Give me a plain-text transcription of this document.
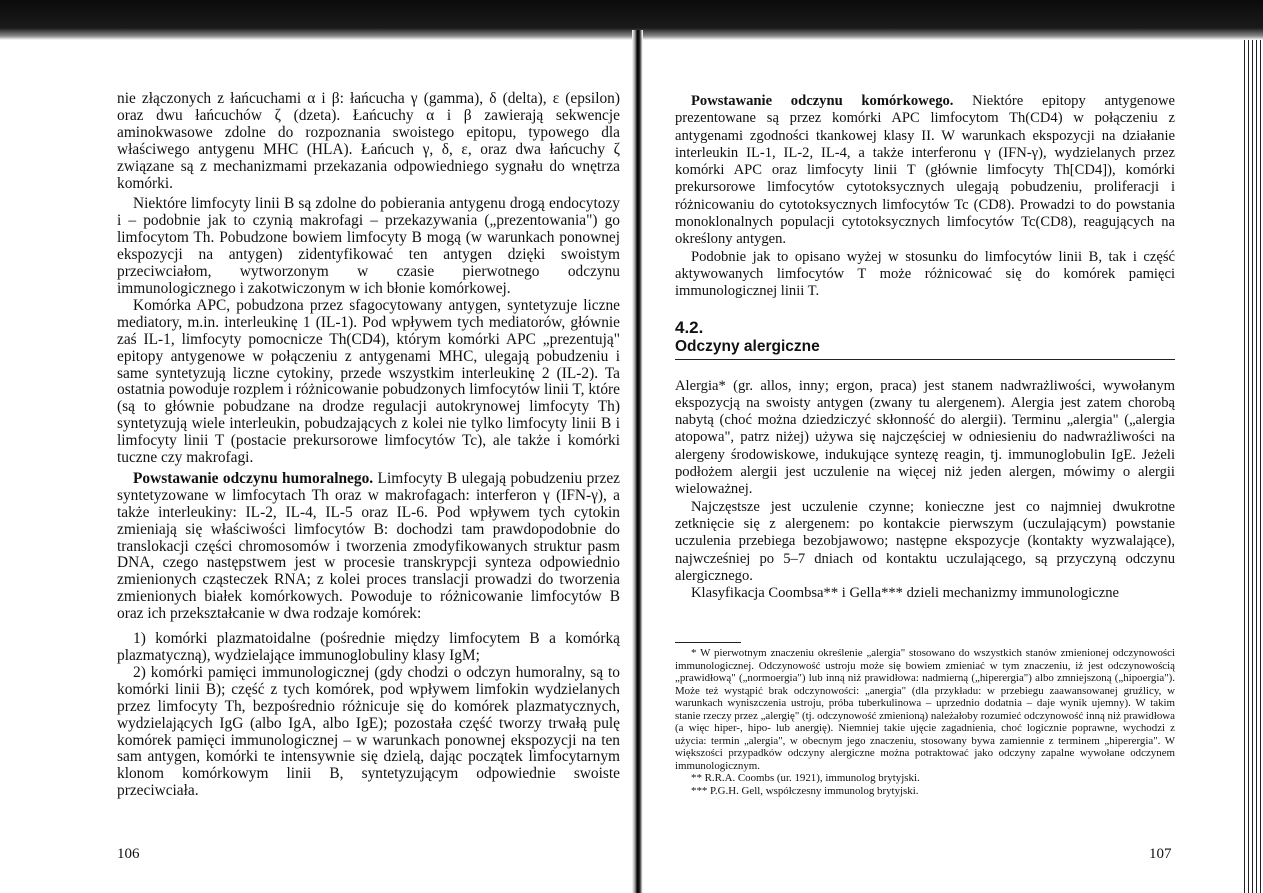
nie złączonych z łańcuchami α i β: łańcucha γ (gamma), δ (delta), ε (epsilon) oraz dwu łańcuchów ζ (dzeta). Łańcuchy α i β zawierają sekwencje aminokwasowe zdolne do rozpoznania swoistego epitopu, typowego dla właściwego antygenu MHC (HLA). Łańcuch γ, δ, ε, oraz dwa łańcuchy ζ związane są z mechanizmami przekazania odpowiedniego sygnału do wnętrza komórki.

Niektóre limfocyty linii B są zdolne do pobierania antygenu drogą endocytozy i – podobnie jak to czynią makrofagi – przekazywania („prezentowania") go limfocytom Th. Pobudzone bowiem limfocyty B mogą (w warunkach ponownej ekspozycji na antygen) zidentyfikować ten antygen dzięki swoistym przeciwciałom, wytworzonym w czasie pierwotnego odczynu immunologicznego i zakotwiczonym w ich błonie komórkowej.

Komórka APC, pobudzona przez sfagocytowany antygen, syntetyzuje liczne mediatory, m.in. interleukinę 1 (IL-1). Pod wpływem tych mediatorów, głównie zaś IL-1, limfocyty pomocnicze Th(CD4), którym komórki APC „prezentują" epitopy antygenowe w połączeniu z antygenami MHC, ulegają pobudzeniu i same syntetyzują liczne cytokiny, przede wszystkim interleukinę 2 (IL-2). Ta ostatnia powoduje rozplem i różnicowanie pobudzonych limfocytów linii T, które (są to głównie pobudzane na drodze regulacji autokrynowej limfocyty Th) syntetyzują wiele interleukin, pobudzających z kolei nie tylko limfocyty linii B i limfocyty linii T (postacie prekursorowe limfocytów Tc), ale także i komórki tuczne czy makrofagi.

Powstawanie odczynu humoralnego. Limfocyty B ulegają pobudzeniu przez syntetyzowane w limfocytach Th oraz w makrofagach: interferon γ (IFN-γ), a także interleukiny: IL-2, IL-4, IL-5 oraz IL-6. Pod wpływem tych cytokin zmieniają się właściwości limfocytów B: dochodzi tam prawdopodobnie do translokacji części chromosomów i tworzenia zmodyfikowanych struktur pasm DNA, czego następstwem jest w procesie transkrypcji synteza odpowiednio zmienionych cząsteczek RNA; z kolei proces translacji prowadzi do tworzenia zmienionych białek komórkowych. Powoduje to różnicowanie limfocytów B oraz ich przekształcanie w dwa rodzaje komórek:

1) komórki plazmatoidalne (pośrednie między limfocytem B a komórką plazmatyczną), wydzielające immunoglobuliny klasy IgM;

2) komórki pamięci immunologicznej (gdy chodzi o odczyn humoralny, są to komórki linii B); część z tych komórek, pod wpływem limfokin wydzielanych przez limfocyty Th, bezpośrednio różnicuje się do komórek plazmatycznych, wydzielających IgG (albo IgA, albo IgE); pozostała część tworzy trwałą pulę komórek pamięci immunologicznej – w warunkach ponownej ekspozycji na ten sam antygen, komórki te intensywnie się dzielą, dając początek limfocytarnym klonom komórkowym linii B, syntetyzującym odpowiednie swoiste przeciwciała.

106

Powstawanie odczynu komórkowego. Niektóre epitopy antygenowe prezentowane są przez komórki APC limfocytom Th(CD4) w połączeniu z antygenami zgodności tkankowej klasy II. W warunkach ekspozycji na działanie interleukin IL-1, IL-2, IL-4, a także interferonu γ (IFN-γ), wydzielanych przez komórki APC oraz limfocyty linii T (głównie limfocyty Th[CD4]), komórki prekursorowe limfocytów cytotoksycznych ulegają pobudzeniu, proliferacji i różnicowaniu do cytotoksycznych limfocytów Tc (CD8). Prowadzi to do powstania monoklonalnych populacji cytotoksycznych limfocytów Tc(CD8), reagujących na określony antygen.

Podobnie jak to opisano wyżej w stosunku do limfocytów linii B, tak i część aktywowanych limfocytów T może różnicować się do komórek pamięci immunologicznej linii T.

4.2.
Odczyny alergiczne

Alergia* (gr. allos, inny; ergon, praca) jest stanem nadwrażliwości, wywołanym ekspozycją na swoisty antygen (zwany tu alergenem). Alergia jest zatem chorobą nabytą (choć można dziedziczyć skłonność do alergii). Terminu „alergia" („alergia atopowa", patrz niżej) używa się najczęściej w odniesieniu do nadwrażliwości na alergeny środowiskowe, indukujące syntezę reagin, tj. immunoglobulin IgE. Jeżeli podłożem alergii jest uczulenie na więcej niż jeden alergen, mówimy o alergii wieloważnej.

Najczęstsze jest uczulenie czynne; konieczne jest co najmniej dwukrotne zetknięcie się z alergenem: po kontakcie pierwszym (uczulającym) powstanie uczulenia przebiega bezobjawowo; następne ekspozycje (kontakty wyzwalające), najwcześniej po 5–7 dniach od kontaktu uczulającego, są przyczyną odczynu alergicznego.

Klasyfikacja Coombsa** i Gella*** dzieli mechanizmy immunologiczne

* W pierwotnym znaczeniu określenie „alergia" stosowano do wszystkich stanów zmienionej odczynowości immunologicznej. Odczynowość ustroju może się bowiem zmieniać w tym znaczeniu, iż jest odczynowością „prawidłową" („normoergia") lub inną niż prawidłowa: nadmierną („hiperergia") albo zmniejszoną („hipoergia"). Może też wystąpić brak odczynowości: „anergia" (dla przykładu: w przebiegu zaawansowanej gruźlicy, w warunkach wyniszczenia ustroju, próba tuberkulinowa – uprzednio dodatnia – daje wynik ujemny). W takim stanie rzeczy przez „alergię" (tj. odczynowość zmienioną) należałoby rozumieć odczynowość inną niż prawidłowa (a więc hiper-, hipo- lub anergię). Niemniej takie ujęcie zagadnienia, choć logicznie poprawne, wychodzi z użycia: termin „alergia", w obecnym jego znaczeniu, stosowany bywa zamiennie z terminem „hiperergia". W większości przypadków odczyny alergiczne można potraktować jako odczyny zapalne wywołane odczynem immunologicznym.

** R.R.A. Coombs (ur. 1921), immunolog brytyjski.

*** P.G.H. Gell, współczesny immunolog brytyjski.

107
